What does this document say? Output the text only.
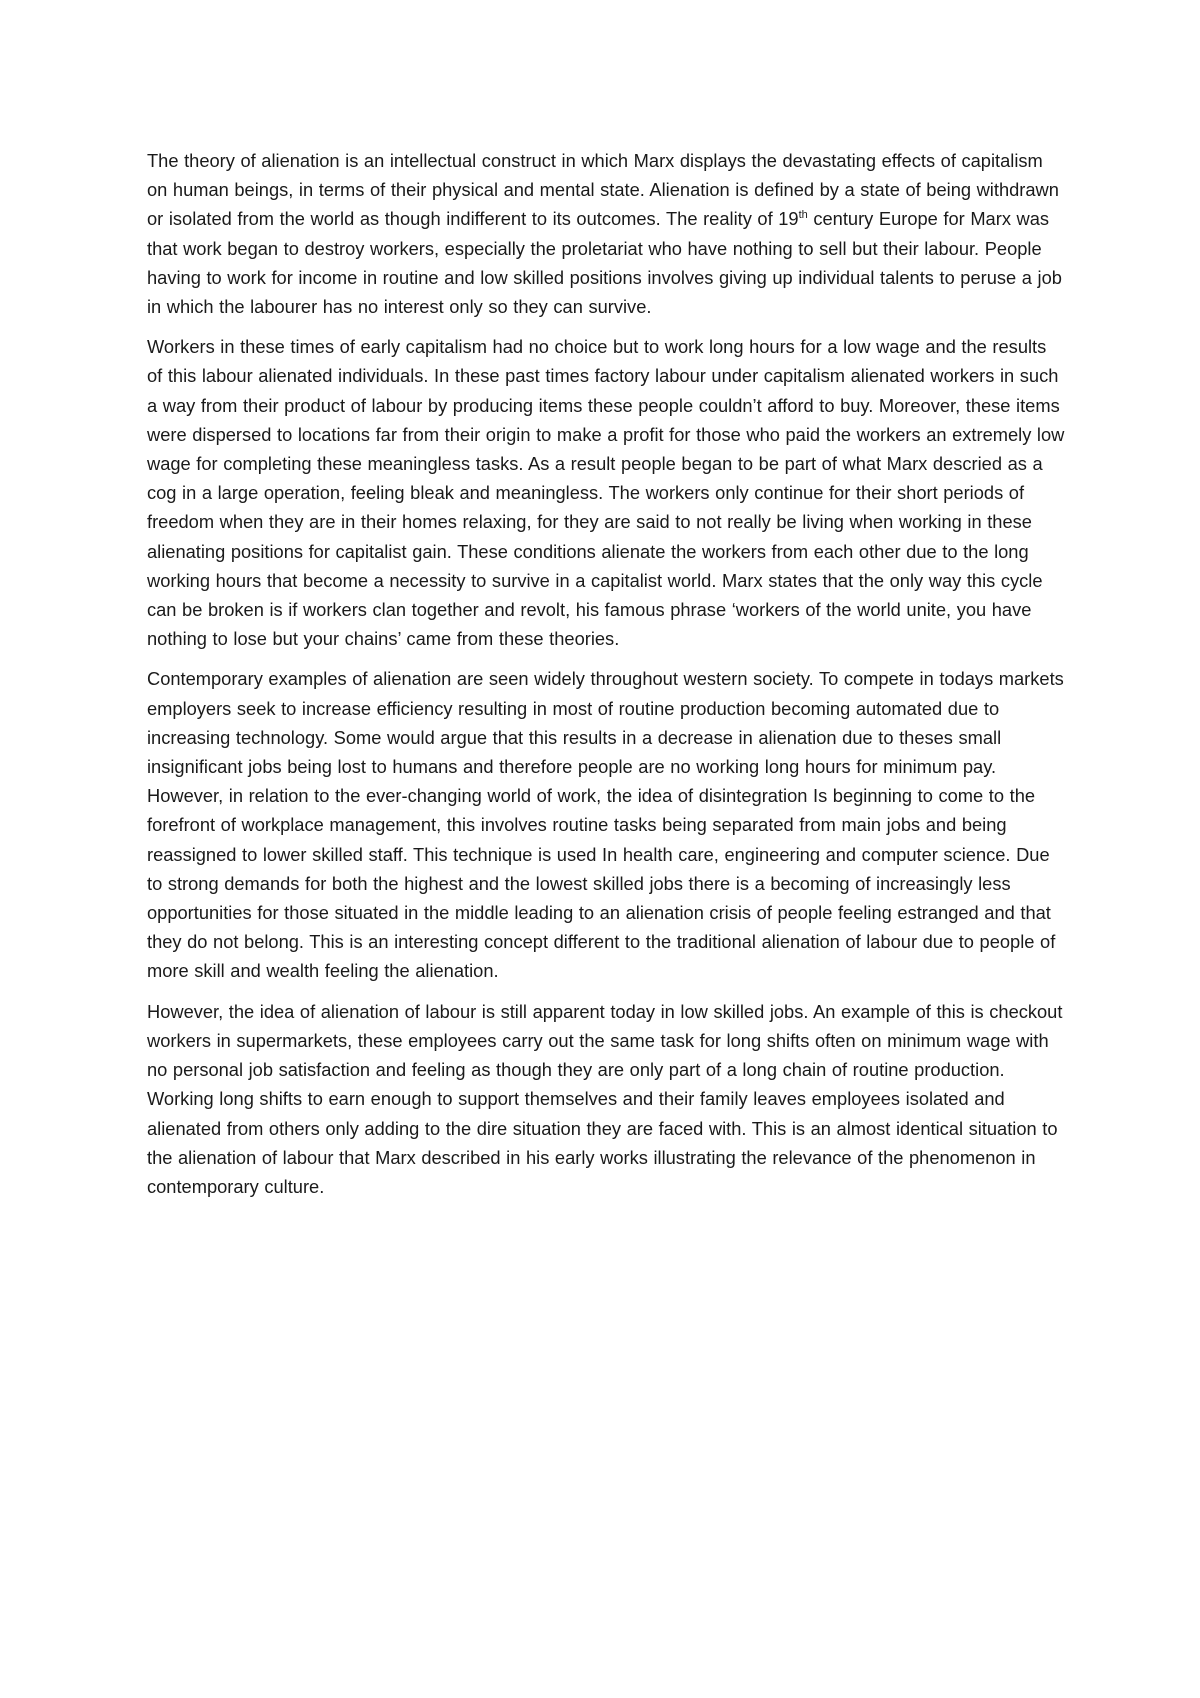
The theory of alienation is an intellectual construct in which Marx displays the devastating effects of capitalism on human beings, in terms of their physical and mental state. Alienation is defined by a state of being withdrawn or isolated from the world as though indifferent to its outcomes. The reality of 19th century Europe for Marx was that work began to destroy workers, especially the proletariat who have nothing to sell but their labour. People having to work for income in routine and low skilled positions involves giving up individual talents to peruse a job in which the labourer has no interest only so they can survive.

Workers in these times of early capitalism had no choice but to work long hours for a low wage and the results of this labour alienated individuals. In these past times factory labour under capitalism alienated workers in such a way from their product of labour by producing items these people couldn’t afford to buy. Moreover, these items were dispersed to locations far from their origin to make a profit for those who paid the workers an extremely low wage for completing these meaningless tasks. As a result people began to be part of what Marx descried as a cog in a large operation, feeling bleak and meaningless. The workers only continue for their short periods of freedom when they are in their homes relaxing, for they are said to not really be living when working in these alienating positions for capitalist gain. These conditions alienate the workers from each other due to the long working hours that become a necessity to survive in a capitalist world. Marx states that the only way this cycle can be broken is if workers clan together and revolt, his famous phrase ‘workers of the world unite, you have nothing to lose but your chains’ came from these theories.

Contemporary examples of alienation are seen widely throughout western society. To compete in todays markets employers seek to increase efficiency resulting in most of routine production becoming automated due to increasing technology. Some would argue that this results in a decrease in alienation due to theses small insignificant jobs being lost to humans and therefore people are no working long hours for minimum pay. However, in relation to the ever-changing world of work, the idea of disintegration Is beginning to come to the forefront of workplace management, this involves routine tasks being separated from main jobs and being reassigned to lower skilled staff. This technique is used In health care, engineering and computer science. Due to strong demands for both the highest and the lowest skilled jobs there is a becoming of increasingly less opportunities for those situated in the middle leading to an alienation crisis of people feeling estranged and that they do not belong. This is an interesting concept different to the traditional alienation of labour due to people of more skill and wealth feeling the alienation.

However, the idea of alienation of labour is still apparent today in low skilled jobs. An example of this is checkout workers in supermarkets, these employees carry out the same task for long shifts often on minimum wage with no personal job satisfaction and feeling as though they are only part of a long chain of routine production. Working long shifts to earn enough to support themselves and their family leaves employees isolated and alienated from others only adding to the dire situation they are faced with. This is an almost identical situation to the alienation of labour that Marx described in his early works illustrating the relevance of the phenomenon in contemporary culture.
